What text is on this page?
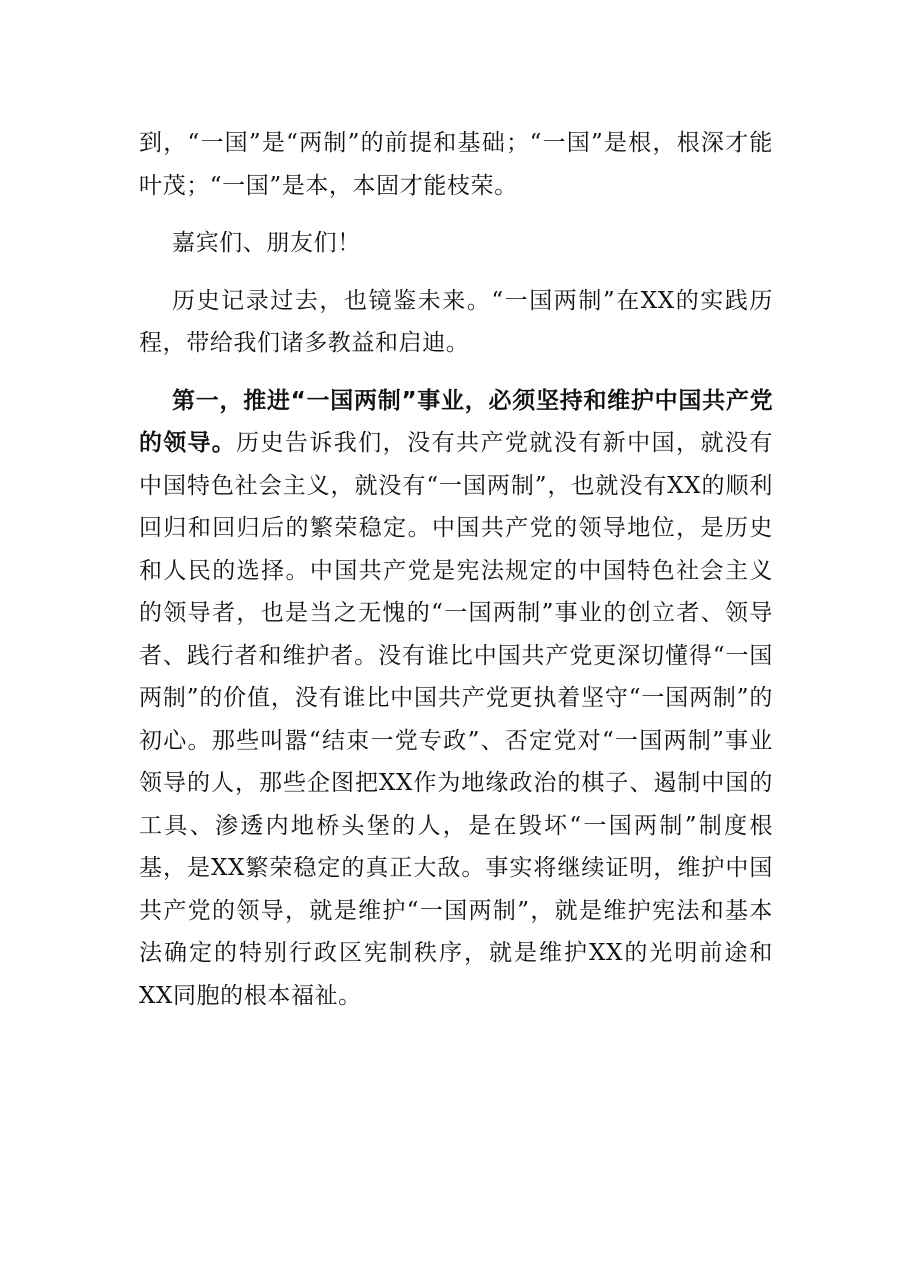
到，“一国”是“两制”的前提和基础；“一国”是根，根深才能叶茂；“一国”是本，本固才能枝荣。

嘉宾们、朋友们！

历史记录过去，也镜鉴未来。“一国两制”在XX的实践历程，带给我们诸多教益和启迪。

第一，推进“一国两制”事业，必须坚持和维护中国共产党的领导。历史告诉我们，没有共产党就没有新中国，就没有中国特色社会主义，就没有“一国两制”，也就没有XX的顺利回归和回归后的繁荣稳定。中国共产党的领导地位，是历史和人民的选择。中国共产党是宪法规定的中国特色社会主义的领导者，也是当之无愧的“一国两制”事业的创立者、领导者、践行者和维护者。没有谁比中国共产党更深切懂得“一国两制”的价值，没有谁比中国共产党更执着坚守“一国两制”的初心。那些叫嚣“结束一党专政”、否定党对“一国两制”事业领导的人，那些企图把XX作为地缘政治的棋子、遏制中国的工具、渗透内地桥头堡的人，是在毁坏“一国两制”制度根基，是XX繁荣稳定的真正大敌。事实将继续证明，维护中国共产党的领导，就是维护“一国两制”，就是维护宪法和基本法确定的特别行政区宪制秩序，就是维护XX的光明前途和XX同胞的根本福祉。
